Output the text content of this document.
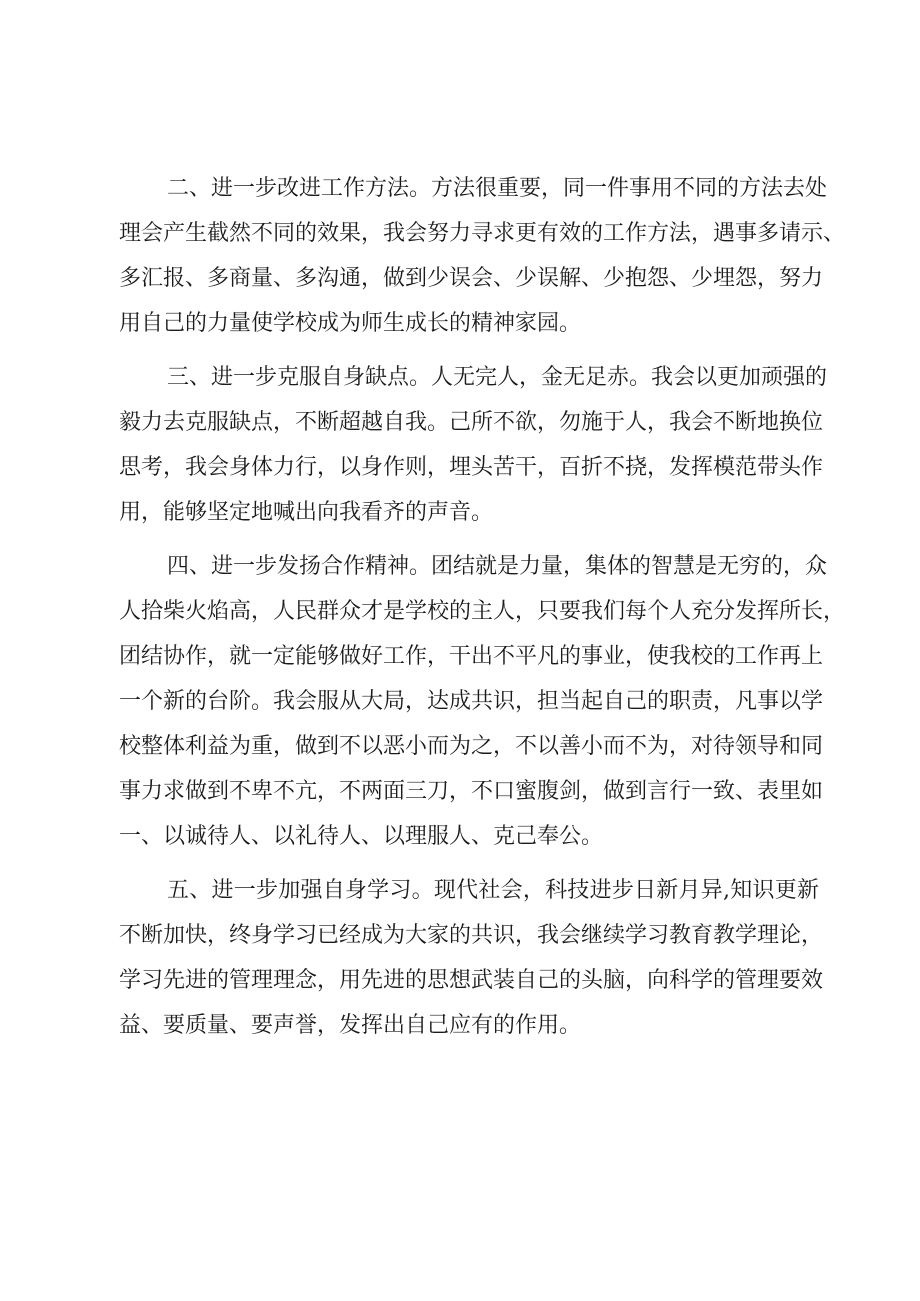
二、进一步改进工作方法。方法很重要，同一件事用不同的方法去处
理会产生截然不同的效果，我会努力寻求更有效的工作方法，遇事多请示、
多汇报、多商量、多沟通，做到少误会、少误解、少抱怨、少埋怨，努力
用自己的力量使学校成为师生成长的精神家园。
三、进一步克服自身缺点。人无完人，金无足赤。我会以更加顽强的
毅力去克服缺点，不断超越自我。己所不欲，勿施于人，我会不断地换位
思考，我会身体力行，以身作则，埋头苦干，百折不挠，发挥模范带头作
用，能够坚定地喊出向我看齐的声音。
四、进一步发扬合作精神。团结就是力量，集体的智慧是无穷的，众
人拾柴火焰高，人民群众才是学校的主人，只要我们每个人充分发挥所长，
团结协作，就一定能够做好工作，干出不平凡的事业，使我校的工作再上
一个新的台阶。我会服从大局，达成共识，担当起自己的职责，凡事以学
校整体利益为重，做到不以恶小而为之，不以善小而不为，对待领导和同
事力求做到不卑不亢，不两面三刀，不口蜜腹剑，做到言行一致、表里如
一、以诚待人、以礼待人、以理服人、克己奉公。
五、进一步加强自身学习。现代社会，科技进步日新月异,知识更新
不断加快，终身学习已经成为大家的共识，我会继续学习教育教学理论，
学习先进的管理理念，用先进的思想武装自己的头脑，向科学的管理要效
益、要质量、要声誉，发挥出自己应有的作用。
